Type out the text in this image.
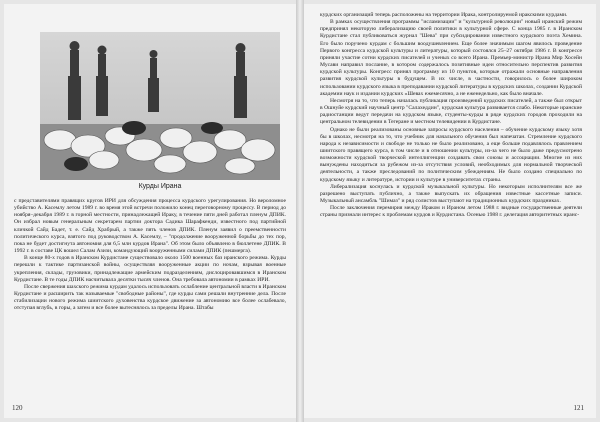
Курды Ирана

с представителями правящих кругов ИРИ для обсуждения процесса курдского урегулирования. Но вероломное убийство А. Касемлу летом 1989 г. во время этой встречи положило конец переговорному процессу. В период до ноября–декабря 1989 г. в горной местности, принадлежащей Ираку, в течение пяти дней работал пленум ДПИК. Он избрал новым генеральным секретарем партии доктора Садика Шарафкенди, известного под партийной кличкой Сайд Бадет, т. е. Сайд Храбрый, а также пять членов ДПИК. Пленум заявил о преемственности политического курса, взятого под руководством А. Касемлу, – "продолжение вооруженной борьбы до тех пор, пока не будет достигнута автономия для 6,5 млн курдов Ирана". Об этом было объявлено в бюллетене ДПИК. В 1992 г. в составе ЦК вошел Салам Азизи, командующий вооруженными силами ДПИК (пешмерга).

В конце 80-х годов в Иранском Курдистане существовало около 1500 военных баз иранского режима. Курды перешли к тактике партизанской войны, осуществляя вооруженные акции по ночам, взрывая военные укрепления, склады, грузовики, принадлежащие армейским подразделениям, дислоцировавшимся в Иранском Курдистане. В те годы ДПИК насчитывала десятки тысяч членов. Она требовала автономии в рамках ИРИ.

После свержения шахского режима курдам удалось использовать ослабление центральной власти в Иранском Курдистане и расширить так называемые "свободные районы", где курды сами решали внутренние дела. После стабилизации нового режима шиитского духовенства курдское движение за автономию все более ослабевало, отступая вглубь, в горы, а затем и все более вытеснялось за пределы Ирана. Штабы

120

курдских организаций теперь расположены на территории Ирака, контролируемой иракскими курдами.

В рамках осуществления программы "исламизации" и "культурной революции" новый иранский режим предпринял некоторую либерализацию своей политики в культурной сфере. С конца 1985 г. в Иранском Курдистане стал публиковаться журнал "Шева" при субсидировании известного курдского поэта Хемина. Его было поручено курдам с большим воодушевлением. Еще более значимым шагом явилось проведение Первого конгресса курдской культуры и литературы, который состоялся 25–27 октября 1986 г. В конгрессе приняли участие сотни курдских писателей и ученых со всего Ирана. Премьер-министр Ирана Мир Хосейн Мусави направил послание, в котором содержалось позитивные идеи относительно перспектив развития курдской культуры. Конгресс принял программу из 10 пунктов, которые отражали основные направления развития курдской культуры в будущем. В их числе, в частности, говорилось о более широком использовании курдского языка в преподавании курдской литературы в курдских школах, создании Курдской академии наук и издании курдских «Шевах ежемесячно, а не еженедельно, как было вначале.

Несмотря на то, что теперь началась публикация произведений курдских писателей, а также был открыт в Ошнуйе курдский научный центр "Салахеддин", курдская культура развивается слабо. Некоторые иранские радиостанции ведут передачи на курдском языке, студенты-курды в ряде курдских городов проходили на центральном телевидении в Тегеране и местном телевидении в Курдистане.

Однако не были реализованы основные запросы курдского населения – обучение курдскому языку хотя бы в школах, несмотря на то, что учебник для начального обучения был напечатан. Стремление курдского народа к независимости и свободе не только не было реализовано, а еще больше подавлялось правлением шиитского правящего курса, в том числе и в отношении культуры, из-за чего не было даже предусмотрено возможности курдской творческой интеллигенции создавать свои союзы и ассоциации. Многие из них вынуждены находиться за рубежом из-за отсутствия условий, необходимых для нормальной творческой деятельности, а также преследований по политическим убеждениям. Не было создано специально по курдскому языку и литературе, истории и культуре в университетах страны.

Либерализация коснулась и курдской музыкальной культуры. Но некоторым исполнителям все же разрешено выступать публично, а также выпускать их обращения известные кассетные записи. Музыкальный ансамбль "Шимаз" и ряд солистов выступают на традиционных курдских праздниках.

После заключения перемирия между Ираком и Ираном летом 1988 г. видные государственные деятели страны признали интерес к проблемам курдов и Курдистана. Осенью 1988 г. делегация авторитетных иранс-

121
